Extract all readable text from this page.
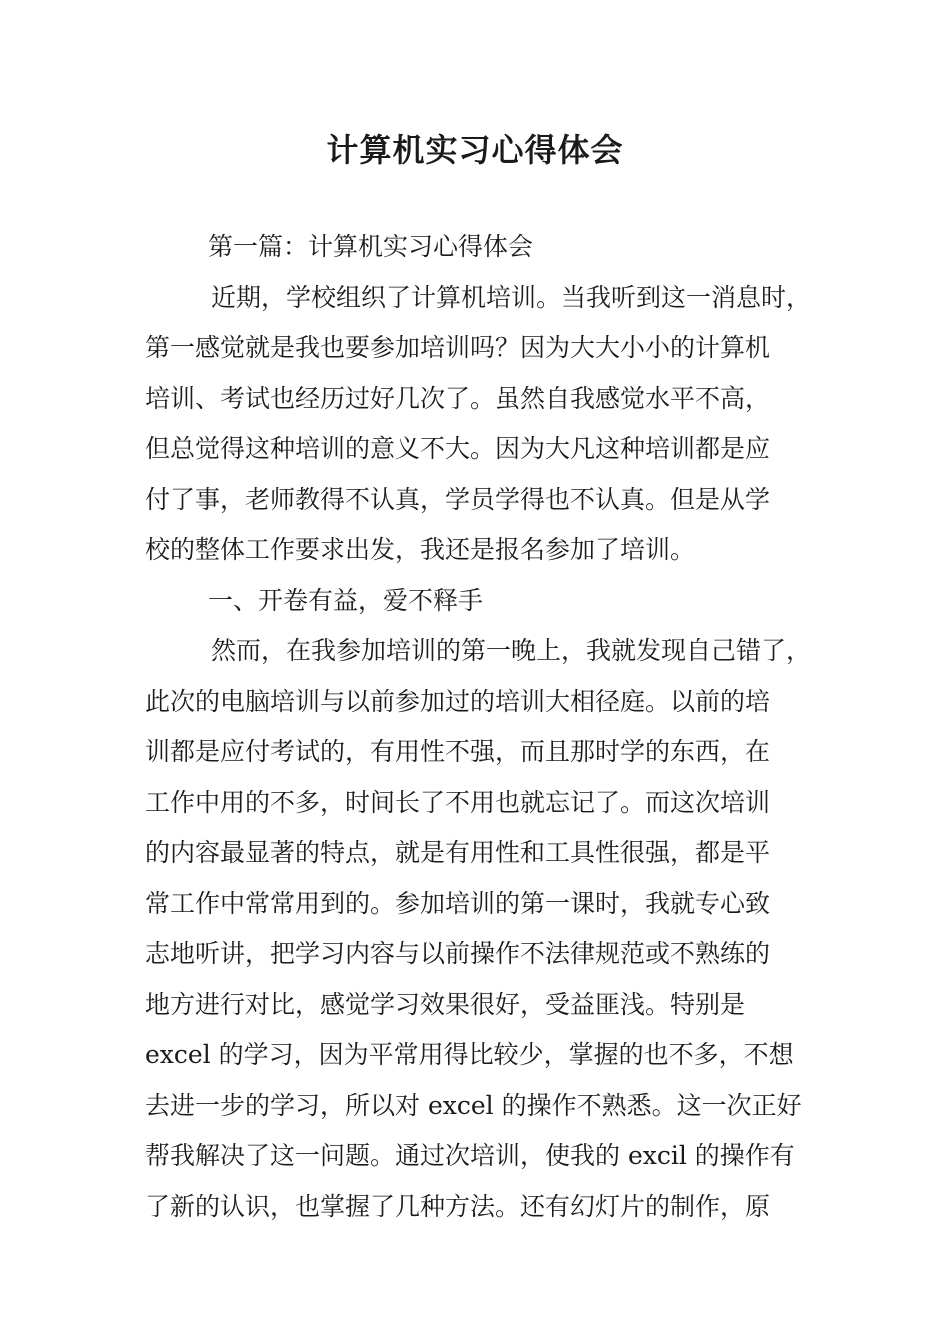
计算机实习心得体会
第一篇：计算机实习心得体会
近期，学校组织了计算机培训。当我听到这一消息时，
第一感觉就是我也要参加培训吗？因为大大小小的计算机
培训、考试也经历过好几次了。虽然自我感觉水平不高，
但总觉得这种培训的意义不大。因为大凡这种培训都是应
付了事，老师教得不认真，学员学得也不认真。但是从学
校的整体工作要求出发，我还是报名参加了培训。
一、开卷有益，爱不释手
然而，在我参加培训的第一晚上，我就发现自己错了，
此次的电脑培训与以前参加过的培训大相径庭。以前的培
训都是应付考试的，有用性不强，而且那时学的东西，在
工作中用的不多，时间长了不用也就忘记了。而这次培训
的内容最显著的特点，就是有用性和工具性很强，都是平
常工作中常常用到的。参加培训的第一课时，我就专心致
志地听讲，把学习内容与以前操作不法律规范或不熟练的
地方进行对比，感觉学习效果很好，受益匪浅。特别是
excel 的学习，因为平常用得比较少，掌握的也不多，不想
去进一步的学习，所以对 excel 的操作不熟悉。这一次正好
帮我解决了这一问题。通过次培训，使我的 excil 的操作有
了新的认识，也掌握了几种方法。还有幻灯片的制作，原
